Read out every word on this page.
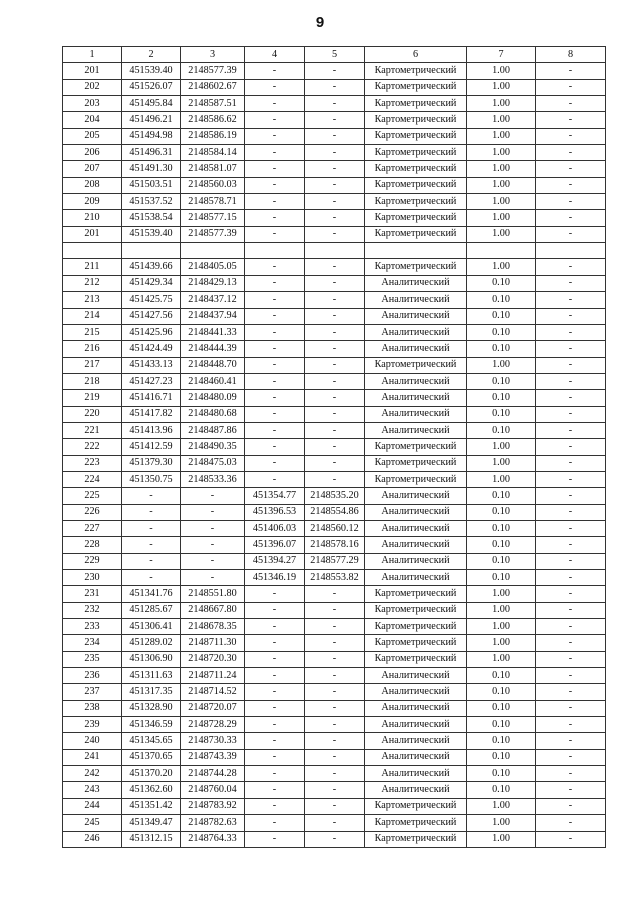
9
1	2	3	4	5	6	7	8
201	451539.40	2148577.39	-	-	Картометрический	1.00	-
202	451526.07	2148602.67	-	-	Картометрический	1.00	-
203	451495.84	2148587.51	-	-	Картометрический	1.00	-
204	451496.21	2148586.62	-	-	Картометрический	1.00	-
205	451494.98	2148586.19	-	-	Картометрический	1.00	-
206	451496.31	2148584.14	-	-	Картометрический	1.00	-
207	451491.30	2148581.07	-	-	Картометрический	1.00	-
208	451503.51	2148560.03	-	-	Картометрический	1.00	-
209	451537.52	2148578.71	-	-	Картометрический	1.00	-
210	451538.54	2148577.15	-	-	Картометрический	1.00	-
201	451539.40	2148577.39	-	-	Картометрический	1.00	-

211	451439.66	2148405.05	-	-	Картометрический	1.00	-
212	451429.34	2148429.13	-	-	Аналитический	0.10	-
213	451425.75	2148437.12	-	-	Аналитический	0.10	-
214	451427.56	2148437.94	-	-	Аналитический	0.10	-
215	451425.96	2148441.33	-	-	Аналитический	0.10	-
216	451424.49	2148444.39	-	-	Аналитический	0.10	-
217	451433.13	2148448.70	-	-	Картометрический	1.00	-
218	451427.23	2148460.41	-	-	Аналитический	0.10	-
219	451416.71	2148480.09	-	-	Аналитический	0.10	-
220	451417.82	2148480.68	-	-	Аналитический	0.10	-
221	451413.96	2148487.86	-	-	Аналитический	0.10	-
222	451412.59	2148490.35	-	-	Картометрический	1.00	-
223	451379.30	2148475.03	-	-	Картометрический	1.00	-
224	451350.75	2148533.36	-	-	Картометрический	1.00	-
225	-	-	451354.77	2148535.20	Аналитический	0.10	-
226	-	-	451396.53	2148554.86	Аналитический	0.10	-
227	-	-	451406.03	2148560.12	Аналитический	0.10	-
228	-	-	451396.07	2148578.16	Аналитический	0.10	-
229	-	-	451394.27	2148577.29	Аналитический	0.10	-
230	-	-	451346.19	2148553.82	Аналитический	0.10	-
231	451341.76	2148551.80	-	-	Картометрический	1.00	-
232	451285.67	2148667.80	-	-	Картометрический	1.00	-
233	451306.41	2148678.35	-	-	Картометрический	1.00	-
234	451289.02	2148711.30	-	-	Картометрический	1.00	-
235	451306.90	2148720.30	-	-	Картометрический	1.00	-
236	451311.63	2148711.24	-	-	Аналитический	0.10	-
237	451317.35	2148714.52	-	-	Аналитический	0.10	-
238	451328.90	2148720.07	-	-	Аналитический	0.10	-
239	451346.59	2148728.29	-	-	Аналитический	0.10	-
240	451345.65	2148730.33	-	-	Аналитический	0.10	-
241	451370.65	2148743.39	-	-	Аналитический	0.10	-
242	451370.20	2148744.28	-	-	Аналитический	0.10	-
243	451362.60	2148760.04	-	-	Аналитический	0.10	-
244	451351.42	2148783.92	-	-	Картометрический	1.00	-
245	451349.47	2148782.63	-	-	Картометрический	1.00	-
246	451312.15	2148764.33	-	-	Картометрический	1.00	-
